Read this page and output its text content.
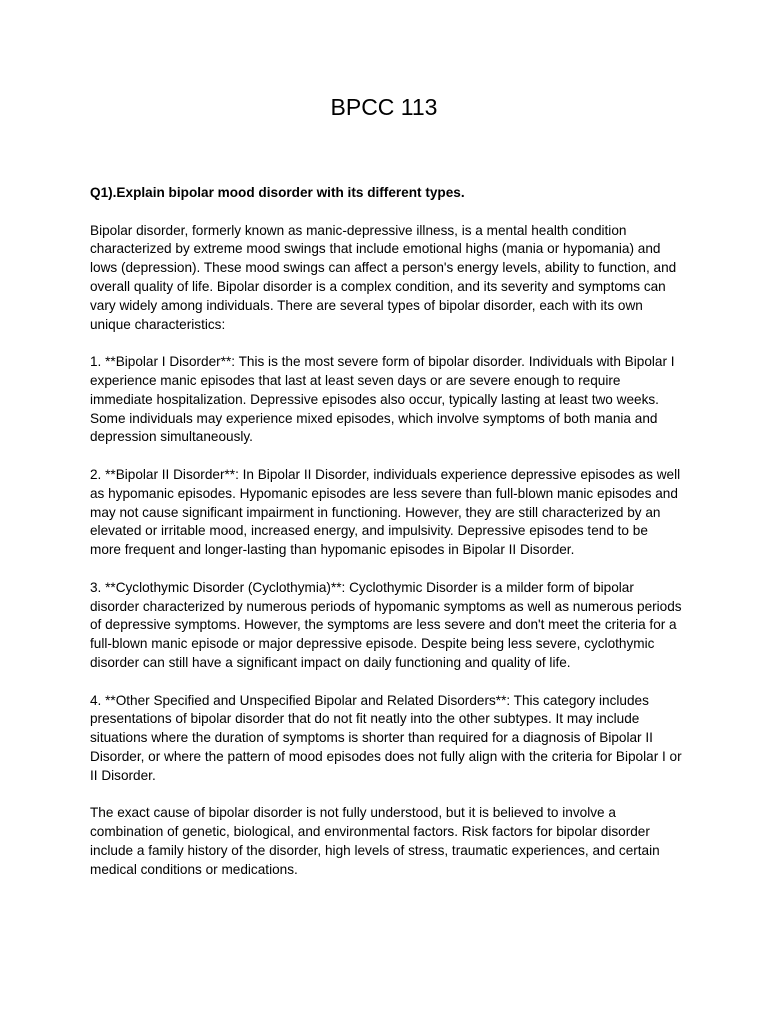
BPCC 113

Q1).Explain bipolar mood disorder with its different types.

Bipolar disorder, formerly known as manic-depressive illness, is a mental health condition characterized by extreme mood swings that include emotional highs (mania or hypomania) and lows (depression). These mood swings can affect a person's energy levels, ability to function, and overall quality of life. Bipolar disorder is a complex condition, and its severity and symptoms can vary widely among individuals. There are several types of bipolar disorder, each with its own unique characteristics:

1. **Bipolar I Disorder**: This is the most severe form of bipolar disorder. Individuals with Bipolar I experience manic episodes that last at least seven days or are severe enough to require immediate hospitalization. Depressive episodes also occur, typically lasting at least two weeks. Some individuals may experience mixed episodes, which involve symptoms of both mania and depression simultaneously.

2. **Bipolar II Disorder**: In Bipolar II Disorder, individuals experience depressive episodes as well as hypomanic episodes. Hypomanic episodes are less severe than full-blown manic episodes and may not cause significant impairment in functioning. However, they are still characterized by an elevated or irritable mood, increased energy, and impulsivity. Depressive episodes tend to be more frequent and longer-lasting than hypomanic episodes in Bipolar II Disorder.

3. **Cyclothymic Disorder (Cyclothymia)**: Cyclothymic Disorder is a milder form of bipolar disorder characterized by numerous periods of hypomanic symptoms as well as numerous periods of depressive symptoms. However, the symptoms are less severe and don't meet the criteria for a full-blown manic episode or major depressive episode. Despite being less severe, cyclothymic disorder can still have a significant impact on daily functioning and quality of life.

4. **Other Specified and Unspecified Bipolar and Related Disorders**: This category includes presentations of bipolar disorder that do not fit neatly into the other subtypes. It may include situations where the duration of symptoms is shorter than required for a diagnosis of Bipolar II Disorder, or where the pattern of mood episodes does not fully align with the criteria for Bipolar I or II Disorder.

The exact cause of bipolar disorder is not fully understood, but it is believed to involve a combination of genetic, biological, and environmental factors. Risk factors for bipolar disorder include a family history of the disorder, high levels of stress, traumatic experiences, and certain medical conditions or medications.
